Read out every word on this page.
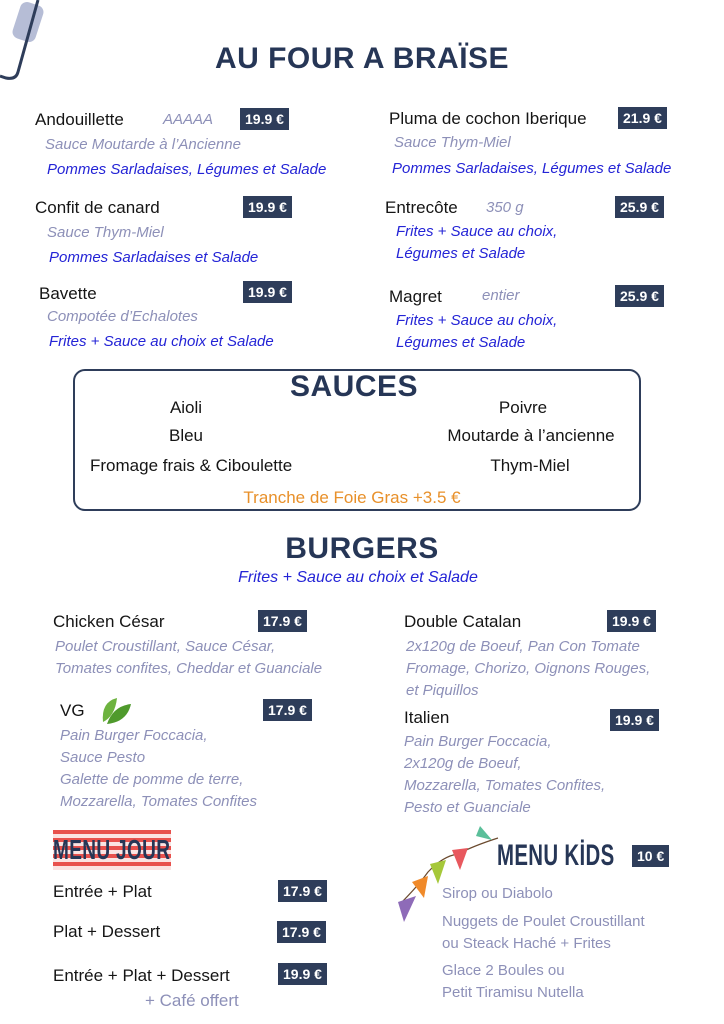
AU FOUR A BRAÏSE
Andouillette	AAAAA	19.9 €
Sauce Moutarde à l’Ancienne
Pommes Sarladaises, Légumes et Salade
Confit de canard	19.9 €
Sauce Thym-Miel
Pommes Sarladaises et Salade
Bavette	19.9 €
Compotée d’Echalotes
Frites + Sauce au choix et Salade
Pluma de cochon Iberique	21.9 €
Sauce Thym-Miel
Pommes Sarladaises, Légumes et Salade
Entrecôte 350 g	25.9 €
Frites + Sauce au choix,
Légumes et Salade
Magret	entier	25.9 €
Frites + Sauce au choix,
Légumes et Salade
SAUCES
Aioli	Poivre
Bleu	Moutarde à l’ancienne
Fromage frais & Ciboulette	Thym-Miel
Tranche de Foie Gras +3.5 €
BURGERS
Frites + Sauce au choix et Salade
Chicken César	17.9 €
Poulet Croustillant, Sauce César,
Tomates confites, Cheddar et Guanciale
VG	17.9 €
Pain Burger Foccacia,
Sauce Pesto
Galette de pomme de terre,
Mozzarella, Tomates Confites
Double Catalan	19.9 €
2x120g de Boeuf, Pan Con Tomate
Fromage, Chorizo, Oignons Rouges,
et Piquillos
Italien	19.9 €
Pain Burger Foccacia,
2x120g de Boeuf,
Mozzarella, Tomates Confites,
Pesto et Guanciale
MENU JOUR
Entrée + Plat	17.9 €
Plat + Dessert	17.9 €
Entrée + Plat + Dessert	19.9 €
+ Café offert
MENU KİDS	10 €
Sirop ou Diabolo
Nuggets de Poulet Croustillant
ou Steack Haché + Frites
Glace 2 Boules ou
Petit Tiramisu Nutella
